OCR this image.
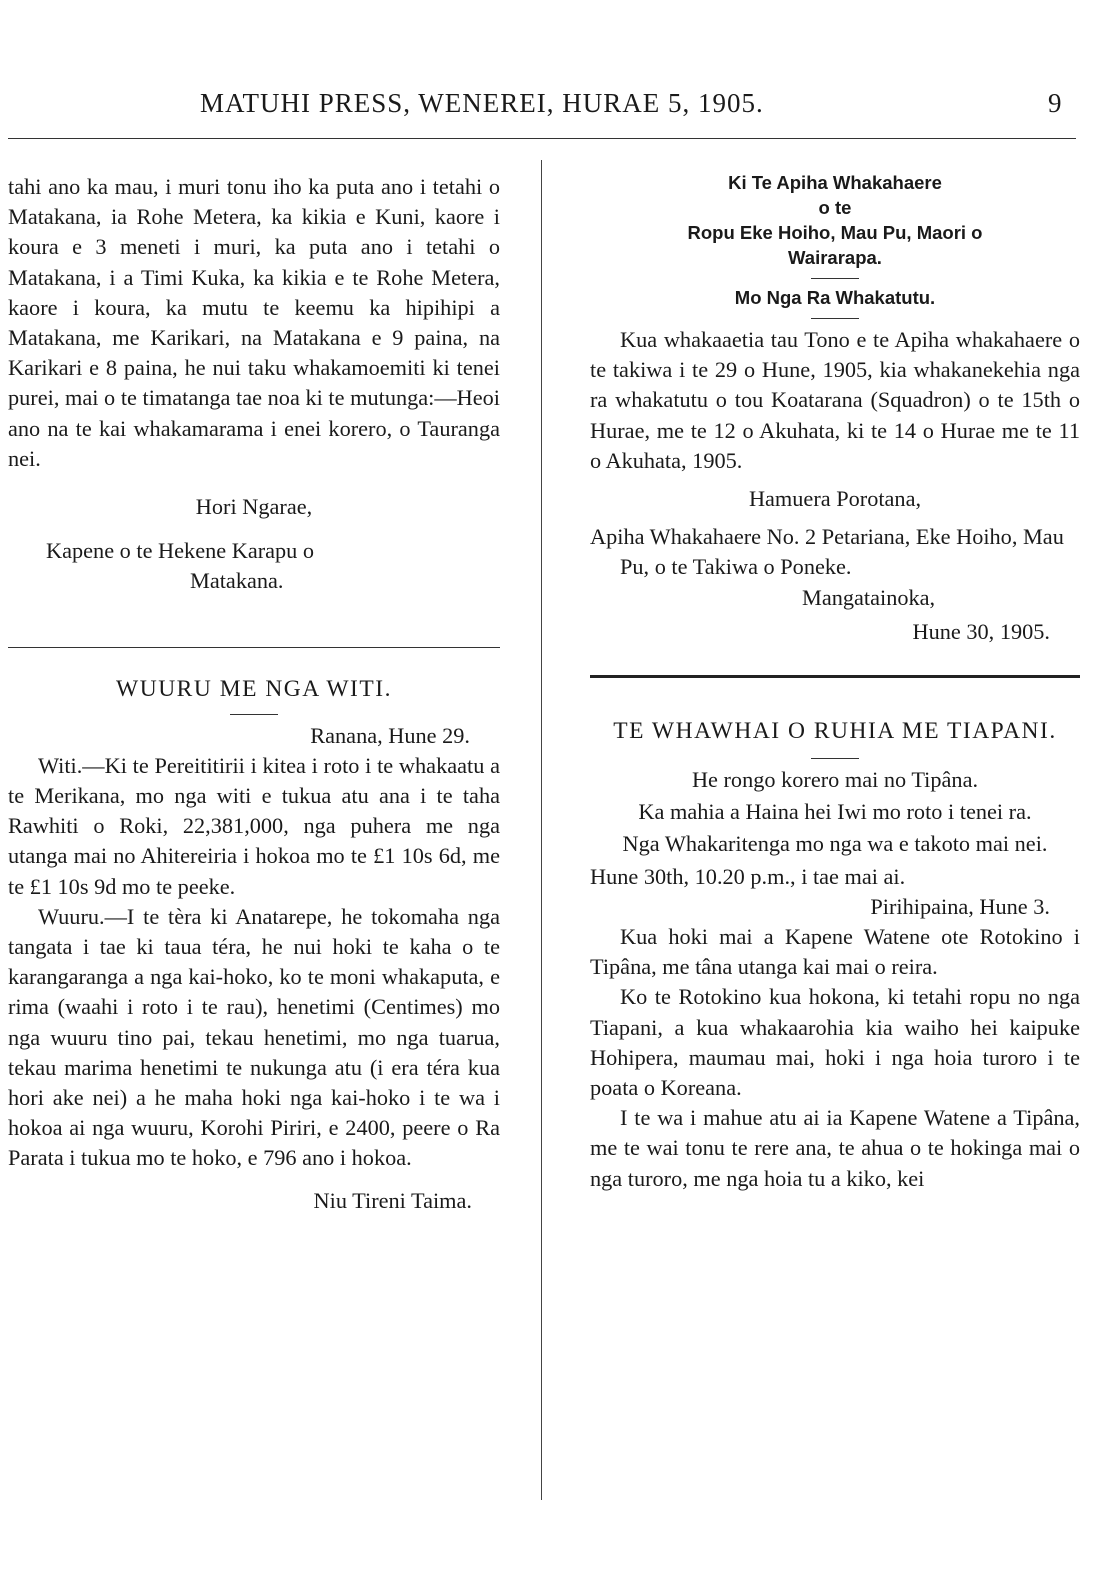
MATUHI PRESS, WENEREI, HURAE 5, 1905.	9

tahi ano ka mau, i muri tonu iho ka puta ano i tetahi o Matakana, ia Rohe Metera, ka kikia e Kuni, kaore i koura e 3 meneti i muri, ka puta ano i tetahi o Matakana, i a Timi Kuka, ka kikia e te Rohe Metera, kaore i koura, ka mutu te keemu ka hipihipi a Matakana, me Karikari, na Matakana e 9 paina, na Karikari e 8 paina, he nui taku whakamoemiti ki tenei purei, mai o te timatanga tae noa ki te mutunga:—Heoi ano na te kai whakamarama i enei korero, o Tauranga nei.

Hori Ngarae,

Kapene o te Hekene Karapu o

Matakana.

WUURU ME NGA WITI.

Ranana, Hune 29.

Witi.—Ki te Pereititirii i kitea i roto i te whakaatu a te Merikana, mo nga witi e tukua atu ana i te taha Rawhiti o Roki, 22,381,000, nga puhera me nga utanga mai no Ahitereiria i hokoa mo te £1 10s 6d, me te £1 10s 9d mo te peeke.

Wuuru.—I te tèra ki Anatarepe, he tokomaha nga tangata i tae ki taua téra, he nui hoki te kaha o te karangaranga a nga kai-hoko, ko te moni whakaputa, e rima (waahi i roto i te rau), henetimi (Centimes) mo nga wuuru tino pai, tekau henetimi, mo nga tuarua, tekau marima henetimi te nukunga atu (i era téra kua hori ake nei) a he maha hoki nga kai-hoko i te wa i hokoa ai nga wuuru, Korohi Piriri, e 2400, peere o Ra Parata i tukua mo te hoko, e 796 ano i hokoa.

Niu Tireni Taima.

Ki Te Apiha Whakahaere

o te

Ropu Eke Hoiho, Mau Pu, Maori o

Wairarapa.

Mo Nga Ra Whakatutu.

Kua whakaaetia tau Tono e te Apiha whakahaere o te takiwa i te 29 o Hune, 1905, kia whakanekehia nga ra whakatutu o tou Koatarana (Squadron) o te 15th o Hurae, me te 12 o Akuhata, ki te 14 o Hurae me te 11 o Akuhata, 1905.

Hamuera Porotana,

Apiha Whakahaere No. 2 Petariana, Eke Hoiho, Mau Pu, o te Takiwa o Poneke.

Mangatainoka,

Hune 30, 1905.

TE WHAWHAI O RUHIA ME TIAPANI.

He rongo korero mai no Tipâna.

Ka mahia a Haina hei Iwi mo roto i tenei ra.

Nga Whakaritenga mo nga wa e takoto mai nei.

Hune 30th, 10.20 p.m., i tae mai ai.

Pirihipaina, Hune 3.

Kua hoki mai a Kapene Watene ote Rotokino i Tipâna, me tâna utanga kai mai o reira.

Ko te Rotokino kua hokona, ki tetahi ropu no nga Tiapani, a kua whakaarohia kia waiho hei kaipuke Hohipera, maumau mai, hoki i nga hoia turoro i te poata o Koreana.

I te wa i mahue atu ai ia Kapene Watene a Tipâna, me te wai tonu te rere ana, te ahua o te hokinga mai o nga turoro, me nga hoia tu a kiko, kei
